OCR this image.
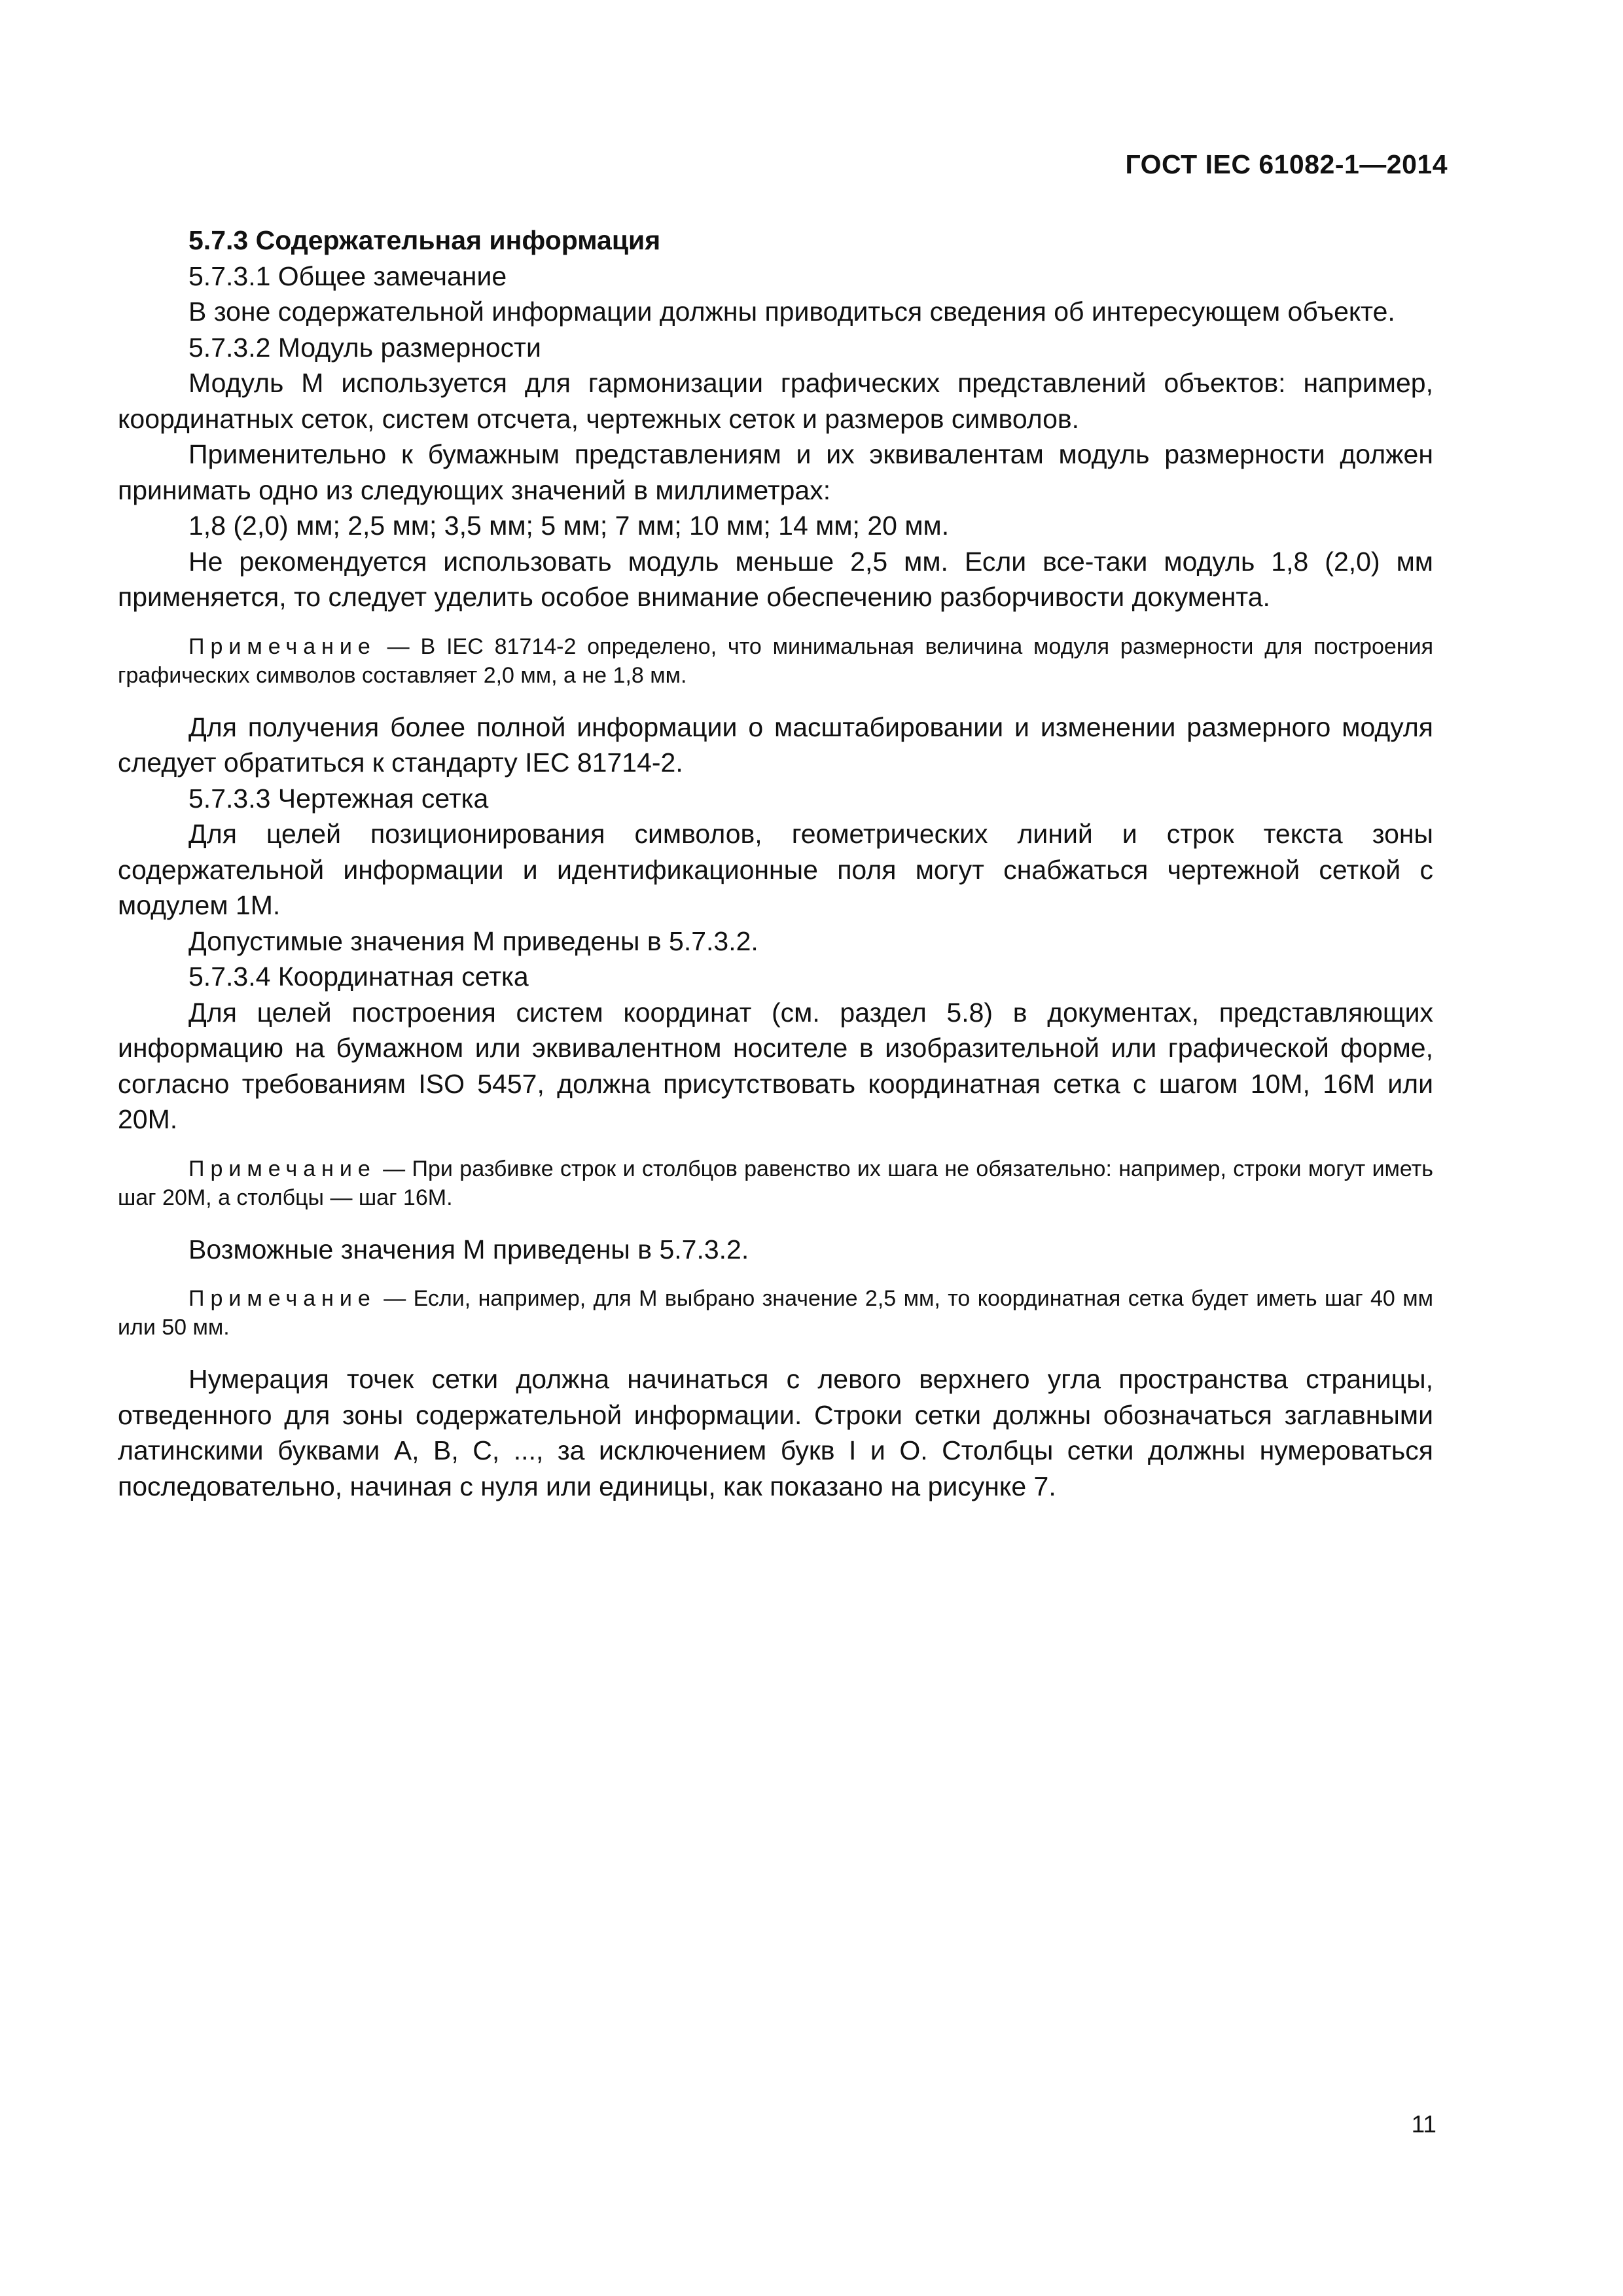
ГОСТ IEC 61082-1—2014

5.7.3 Содержательная информация

5.7.3.1 Общее замечание

В зоне содержательной информации должны приводиться сведения об интересующем объекте.

5.7.3.2 Модуль размерности

Модуль М используется для гармонизации графических представлений объектов: например, координатных сеток, систем отсчета, чертежных сеток и размеров символов.

Применительно к бумажным представлениям и их эквивалентам модуль размерности должен принимать одно из следующих значений в миллиметрах:

1,8 (2,0) мм; 2,5 мм; 3,5 мм; 5 мм; 7 мм; 10 мм; 14 мм; 20 мм.

Не рекомендуется использовать модуль меньше 2,5 мм. Если все-таки модуль 1,8 (2,0) мм применяется, то следует уделить особое внимание обеспечению разборчивости документа.

Примечание — В IEC 81714-2 определено, что минимальная величина модуля размерности для построения графических символов составляет 2,0 мм, а не 1,8 мм.

Для получения более полной информации о масштабировании и изменении размерного модуля следует обратиться к стандарту IEC 81714-2.

5.7.3.3 Чертежная сетка

Для целей позиционирования символов, геометрических линий и строк текста зоны содержательной информации и идентификационные поля могут снабжаться чертежной сеткой с модулем 1М.

Допустимые значения М приведены в 5.7.3.2.

5.7.3.4 Координатная сетка

Для целей построения систем координат (см. раздел 5.8) в документах, представляющих информацию на бумажном или эквивалентном носителе в изобразительной или графической форме, согласно требованиям ISO 5457, должна присутствовать координатная сетка с шагом 10М, 16М или 20М.

Примечание — При разбивке строк и столбцов равенство их шага не обязательно: например, строки могут иметь шаг 20М, а столбцы — шаг 16М.

Возможные значения М приведены в 5.7.3.2.

Примечание — Если, например, для М выбрано значение 2,5 мм, то координатная сетка будет иметь шаг 40 мм или 50 мм.

Нумерация точек сетки должна начинаться с левого верхнего угла пространства страницы, отведенного для зоны содержательной информации. Строки сетки должны обозначаться заглавными латинскими буквами A, B, C, ..., за исключением букв I и O. Столбцы сетки должны нумероваться последовательно, начиная с нуля или единицы, как показано на рисунке 7.

11
